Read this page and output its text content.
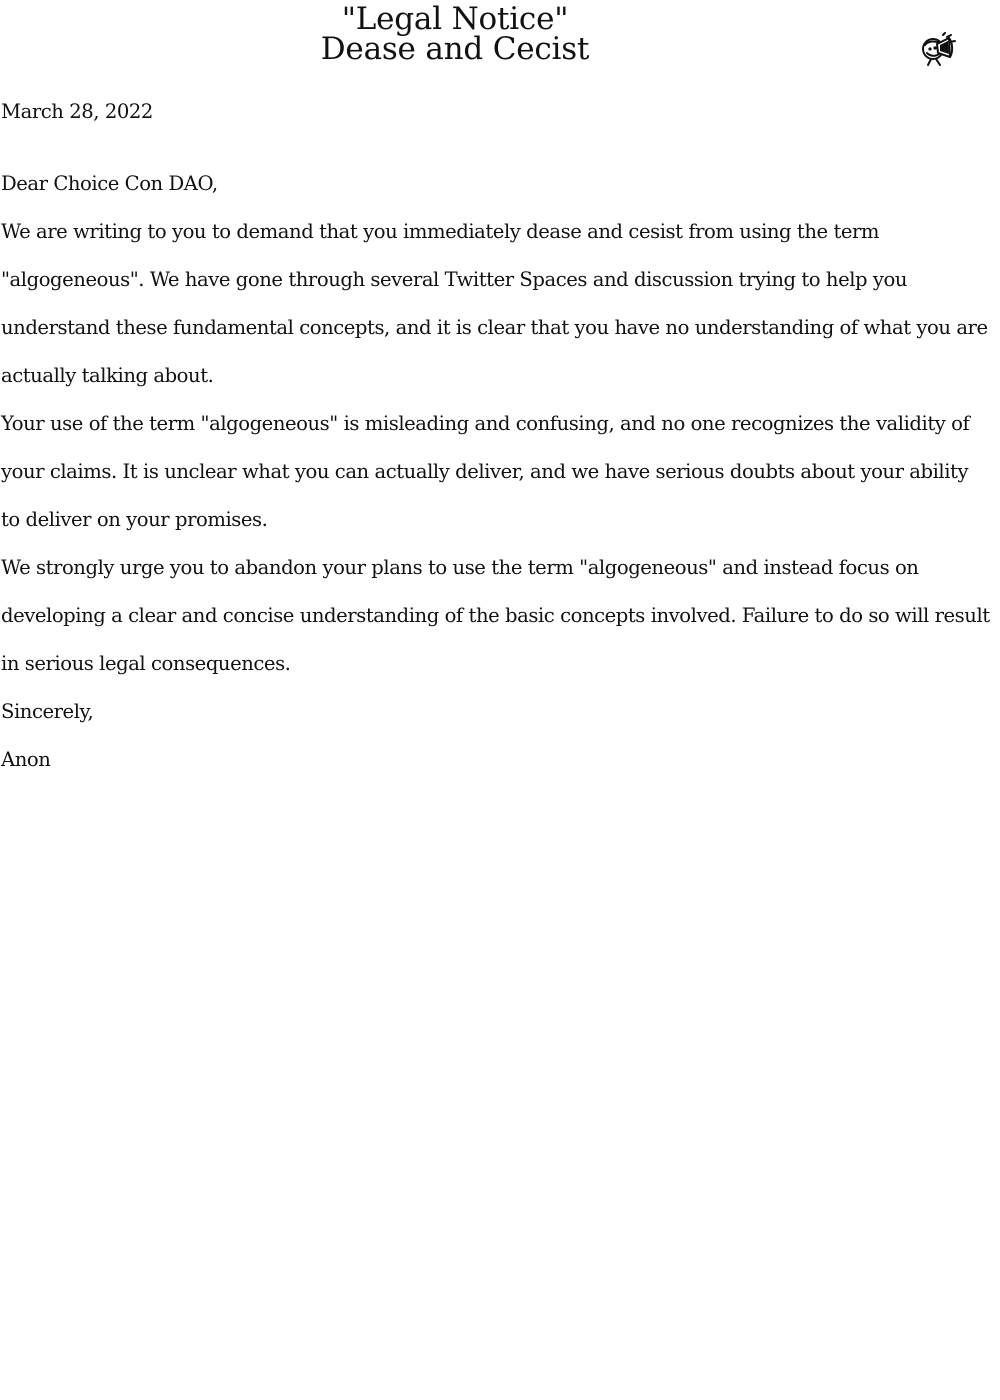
"Legal Notice"
Dease and Cecist

March 28, 2022

Dear Choice Con DAO,

We are writing to you to demand that you immediately dease and cesist from using the term "algogeneous". We have gone through several Twitter Spaces and discussion trying to help you understand these fundamental concepts, and it is clear that you have no understanding of what you are actually talking about.

Your use of the term "algogeneous" is misleading and confusing, and no one recognizes the validity of your claims. It is unclear what you can actually deliver, and we have serious doubts about your ability to deliver on your promises.

We strongly urge you to abandon your plans to use the term "algogeneous" and instead focus on developing a clear and concise understanding of the basic concepts involved. Failure to do so will result in serious legal consequences.

Sincerely,

Anon
